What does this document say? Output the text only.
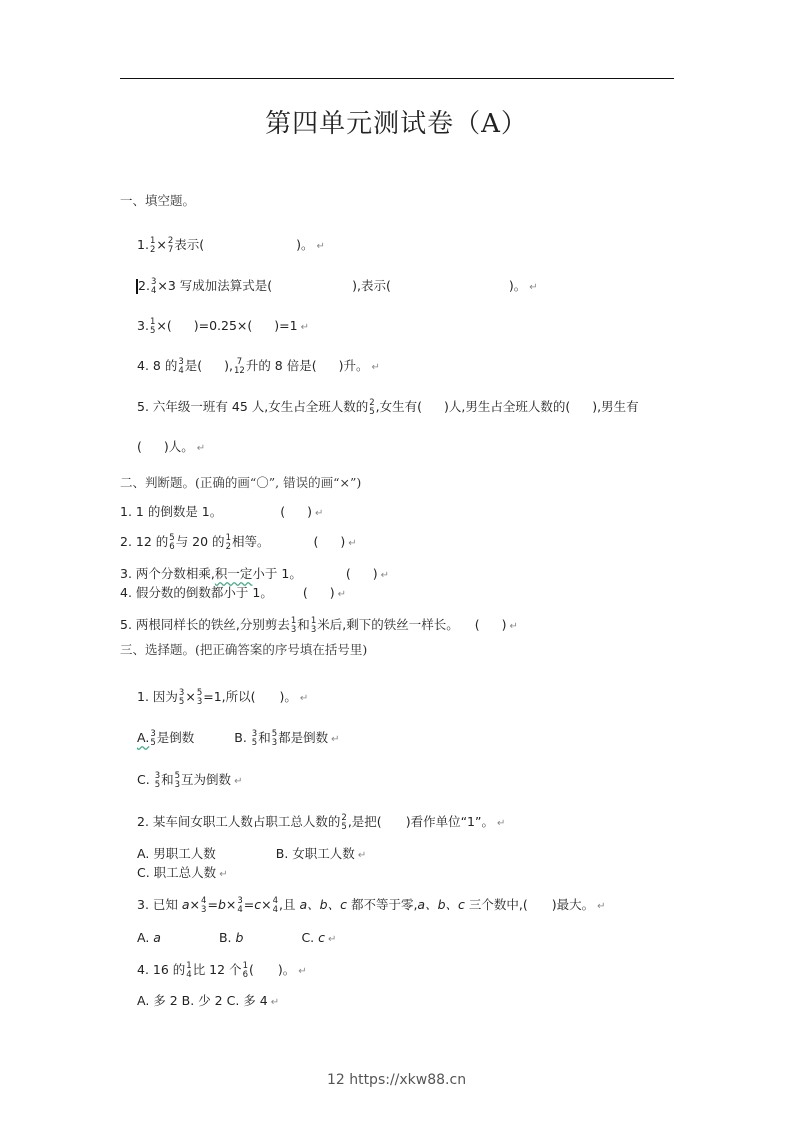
第四单元测试卷（A）
一、填空题。
1. 1
2 × 2
7 表示(	)。 ↵
2. 3
4 ×3 写成加法算式是(	),表示(	)。 ↵
3. 1
5 ×( )=0.25×( )=1 ↵
4. 8 的 3
4 是( ), 7
12 升的 8 倍是( )升。 ↵
5. 六年级一班有 45 人,女生占全班人数的 2
5 ,女生有( )人,男生占全班人数的( ),男生有
( )人。 ↵
二、判断题。(正确的画“〇”, 错误的画“×”)
1. 1 的倒数是 1。	( ) ↵
2. 12 的 5
6 与 20 的 1
2 相等。	( ) ↵
3. 两个分数相乘,积一定小于 1。	( ) ↵
4. 假分数的倒数都小于 1。 ( ) ↵
5. 两根同样长的铁丝,分别剪去 1
3 和 1
3 米后,剩下的铁丝一样长。 ( ) ↵
三、选择题。(把正确答案的序号填在括号里)
1. 因为 3
5 × 5
3 =1,所以( )。 ↵
A. 3
5 是倒数	B. 3
5 和 5
3 都是倒数 ↵
C. 3
5 和 5
3 互为倒数 ↵
2. 某车间女职工人数占职工总人数的 2
5 ,是把( )看作单位“1”。 ↵
A. 男职工人数	B. 女职工人数 ↵
C. 职工总人数 ↵
3. 已知 a× 4
3 =b× 3
4 =c× 4
4 ,且 a、b、c 都不等于零,a、b、c 三个数中,( )最大。 ↵
A. a	B. b	C. c ↵
4. 16 的 1
4 比 12 个 1
6 ( )。 ↵
A. 多 2 B. 少 2 C. 多 4 ↵
12 https://xkw88.cn
